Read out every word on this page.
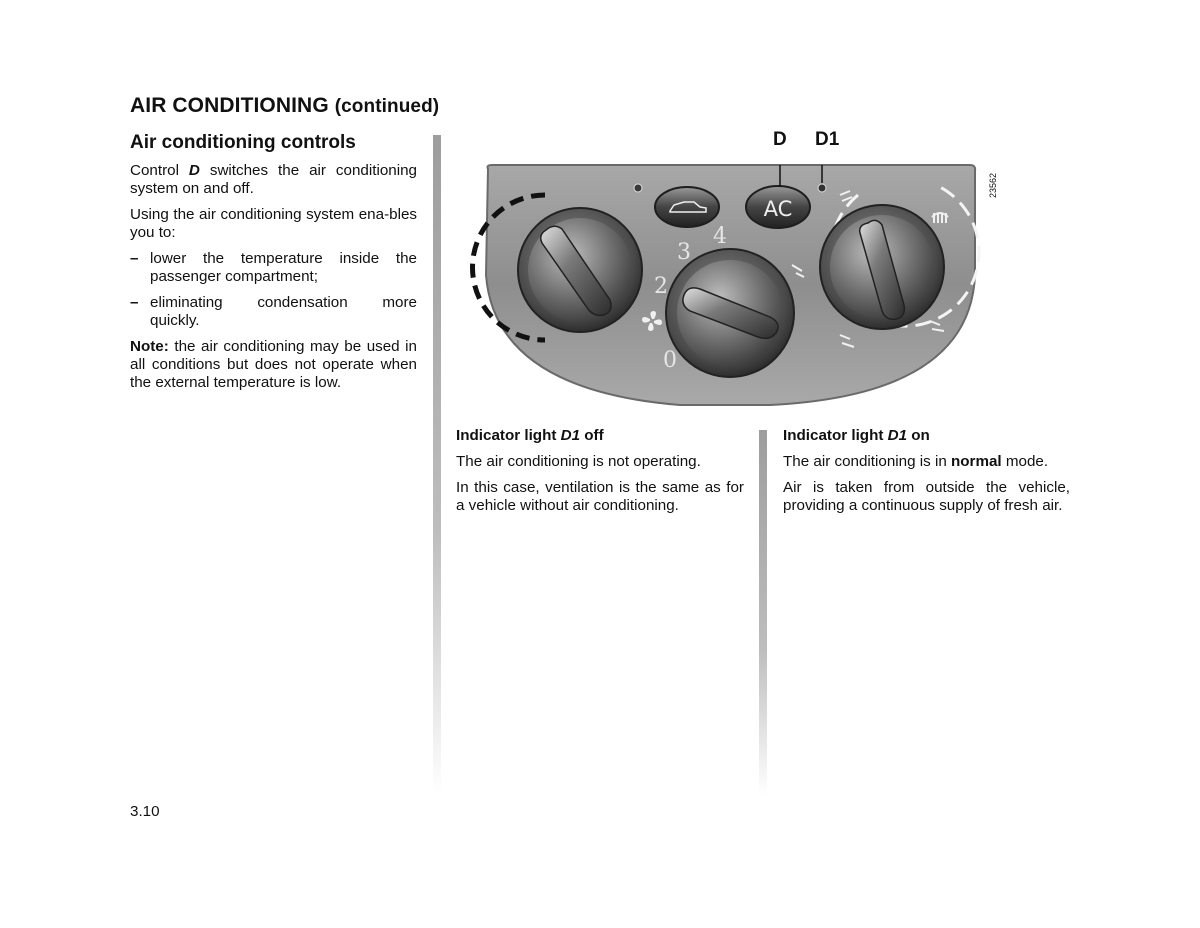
AIR CONDITIONING (continued)
Air conditioning controls

Control D switches the air conditioning system on and off.

Using the air conditioning system ena-bles you to:

– lower the temperature inside the passenger compartment;
– eliminating condensation more
quickly.

Note: the air conditioning may be used in all conditions but does not operate when the external temperature is low.

0
2
3
4
AC
D D1
23562

Indicator light D1 off

The air conditioning is not operating.

In this case, ventilation is the same as for a vehicle without air conditioning.

Indicator light D1 on

The air conditioning is in normal mode.

Air is taken from outside the vehicle, providing a continuous supply of fresh air.

3.10
